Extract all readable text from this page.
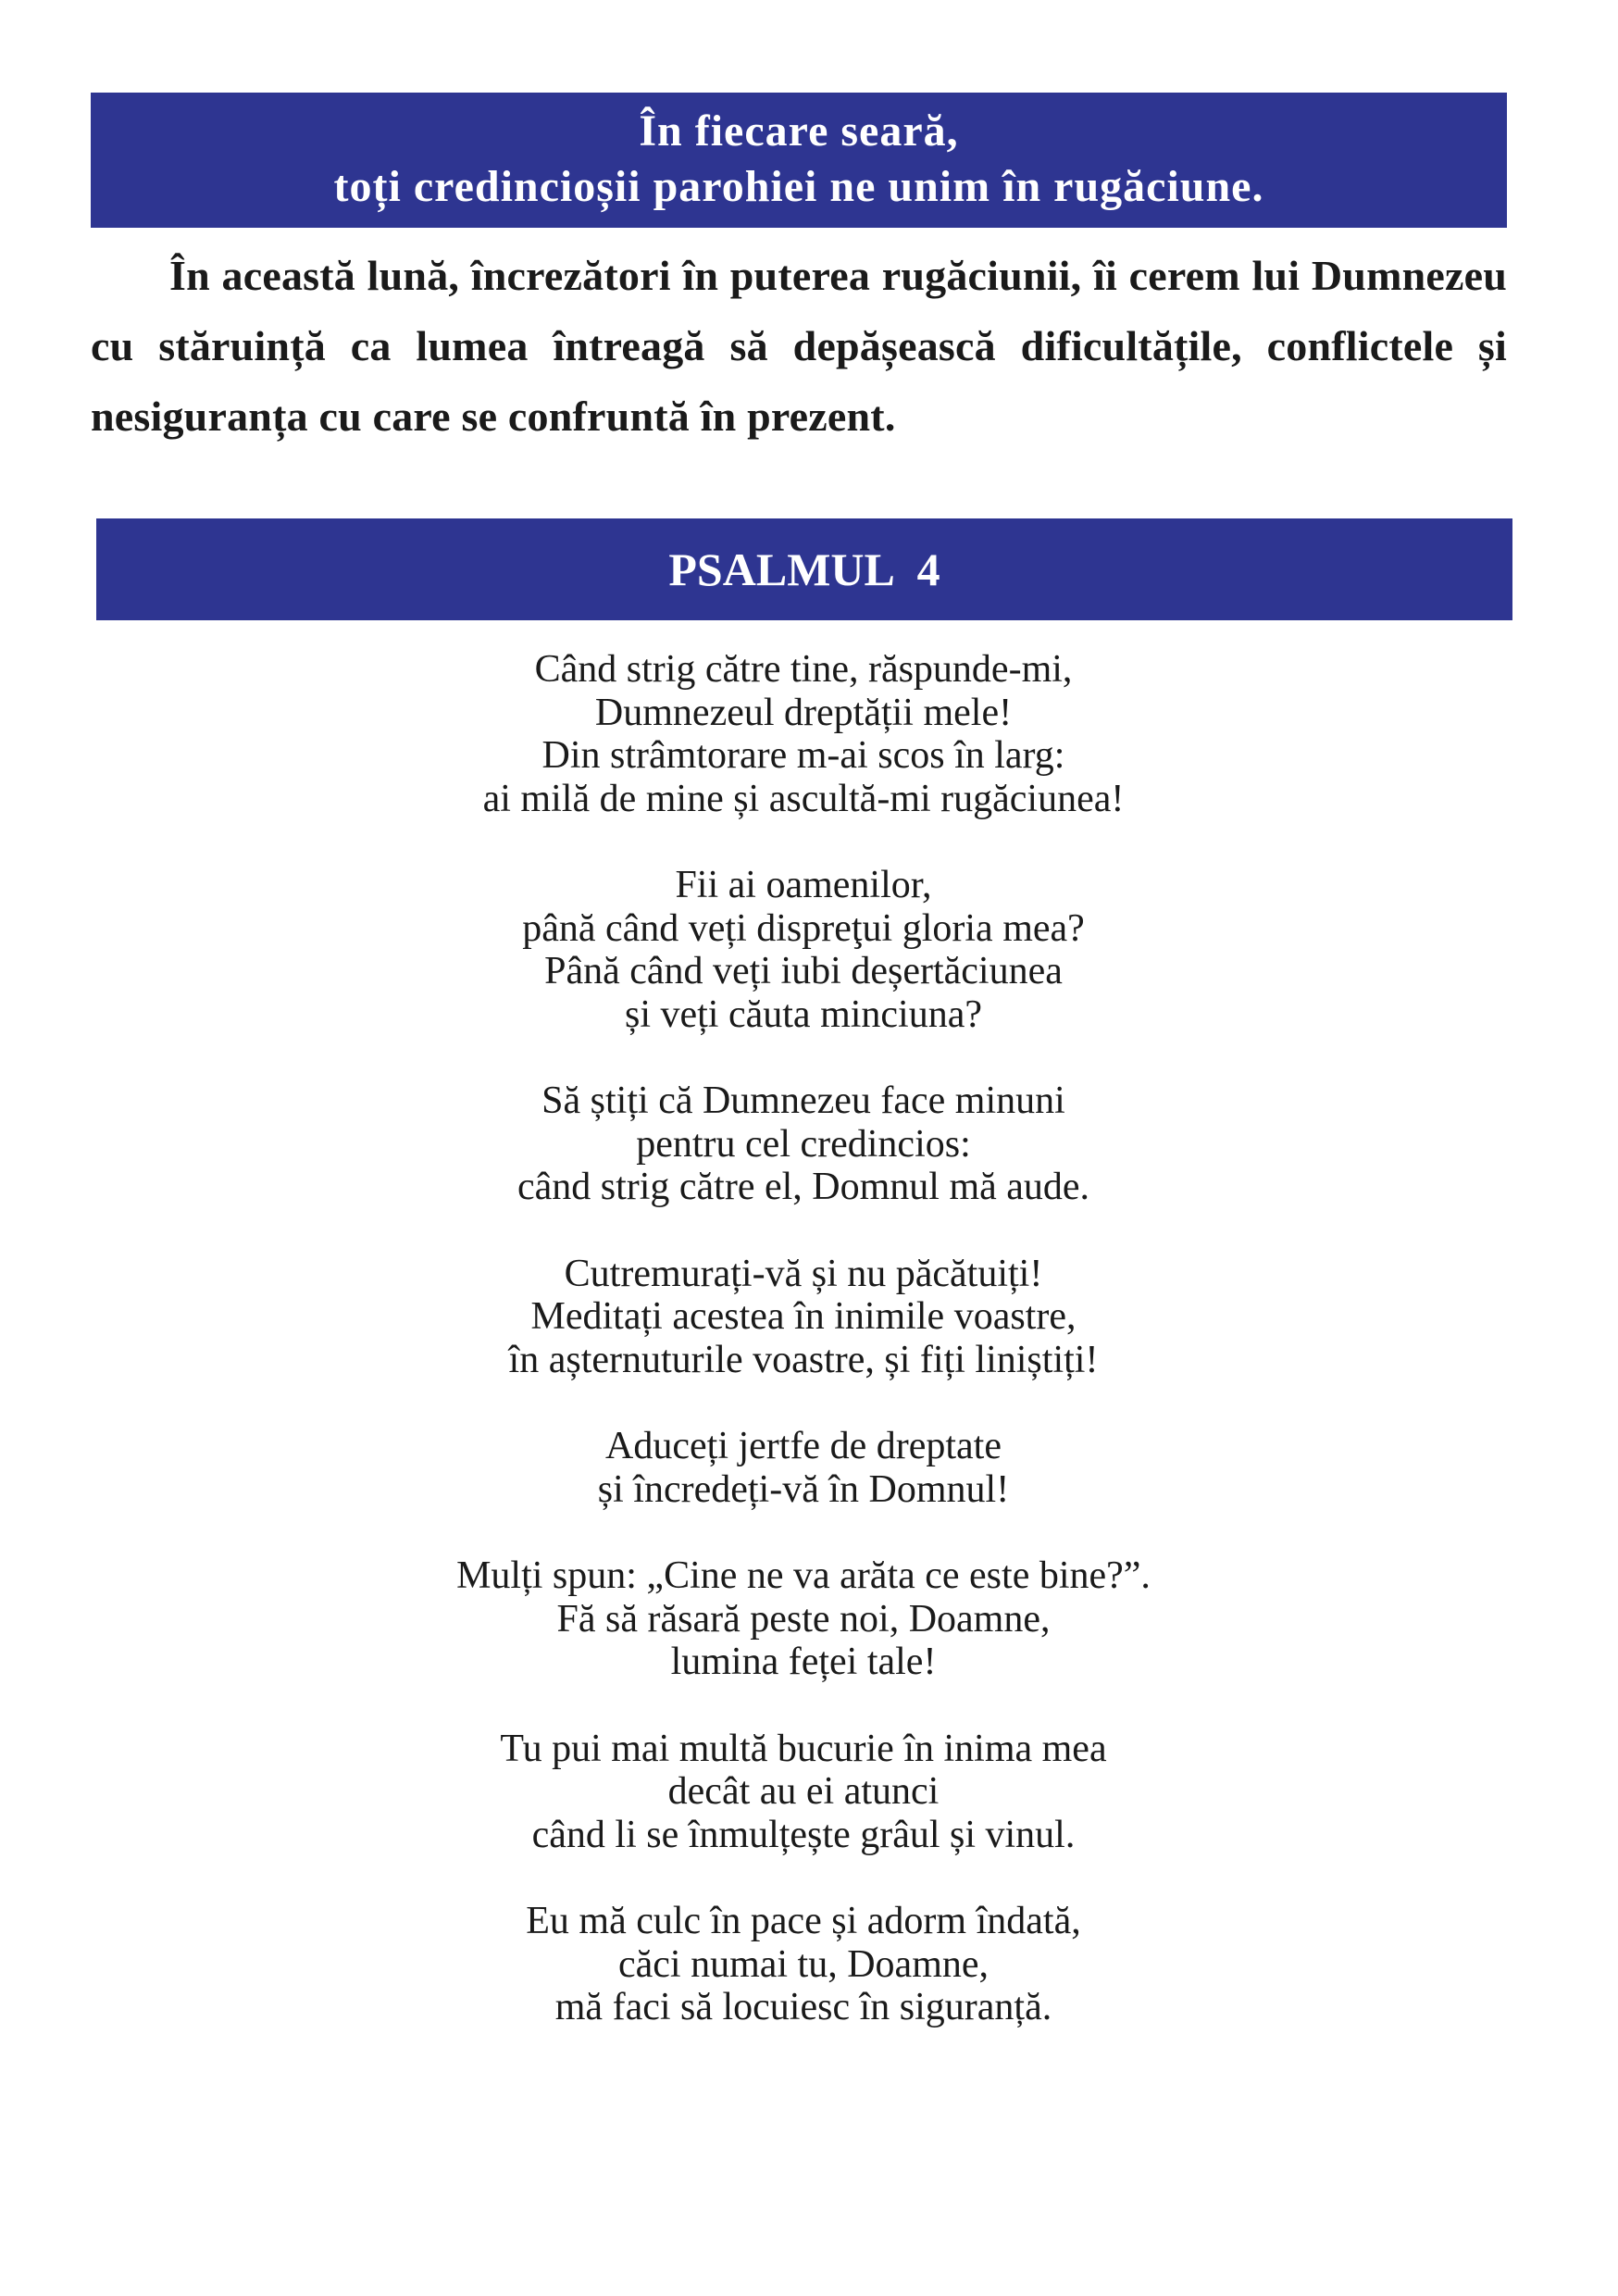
În fiecare seară,
toți credincioșii parohiei ne unim în rugăciune.

În această lună, încrezători în puterea rugăciunii, îi cerem lui Dumnezeu cu stăruință ca lumea întreagă să depășească dificultățile, conflictele și nesiguranța cu care se confruntă în prezent.

PSALMUL 4
Când strig către tine, răspunde-mi,
Dumnezeul dreptății mele!
Din strâmtorare m-ai scos în larg:
ai milă de mine și ascultă-mi rugăciunea!
Fii ai oamenilor,
până când veți dispreţui gloria mea?
Până când veți iubi deșertăciunea
și veți căuta minciuna?
Să știți că Dumnezeu face minuni
pentru cel credincios:
când strig către el, Domnul mă aude.
Cutremurați-vă și nu păcătuiți!
Meditați acestea în inimile voastre,
în așternuturile voastre, și fiți liniștiți!
Aduceți jertfe de dreptate
și încredeți-vă în Domnul!
Mulți spun: „Cine ne va arăta ce este bine?”.
Fă să răsară peste noi, Doamne,
lumina feței tale!
Tu pui mai multă bucurie în inima mea
decât au ei atunci
când li se înmulțește grâul și vinul.
Eu mă culc în pace și adorm îndată,
căci numai tu, Doamne,
mă faci să locuiesc în siguranță.
